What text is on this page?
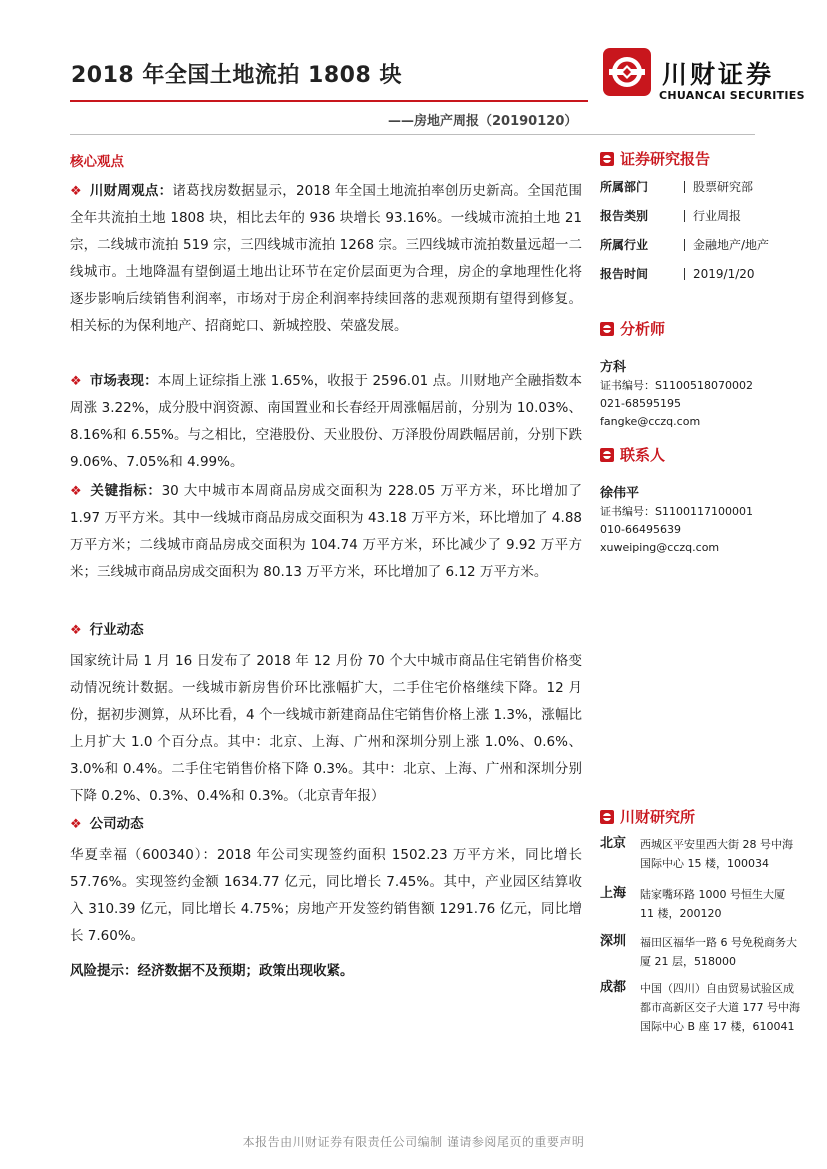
2018 年全国土地流拍 1808 块
——房地产周报（20190120）
川财证券
CHUANCAI SECURITIES
核心观点
❖ 川财周观点：诸葛找房数据显示，2018 年全国土地流拍率创历史新高。全国范围全年共流拍土地 1808 块，相比去年的 936 块增长 93.16%。一线城市流拍土地 21 宗，二线城市流拍 519 宗，三四线城市流拍 1268 宗。三四线城市流拍数量远超一二线城市。土地降温有望倒逼土地出让环节在定价层面更为合理，房企的拿地理性化将逐步影响后续销售利润率，市场对于房企利润率持续回落的悲观预期有望得到修复。相关标的为保利地产、招商蛇口、新城控股、荣盛发展。
❖ 市场表现：本周上证综指上涨 1.65%，收报于 2596.01 点。川财地产全融指数本周涨 3.22%，成分股中润资源、南国置业和长春经开周涨幅居前，分别为 10.03%、8.16%和 6.55%。与之相比，空港股份、天业股份、万泽股份周跌幅居前，分别下跌 9.06%、7.05%和 4.99%。
❖ 关键指标：30 大中城市本周商品房成交面积为 228.05 万平方米，环比增加了 1.97 万平方米。其中一线城市商品房成交面积为 43.18 万平方米，环比增加了 4.88 万平方米；二线城市商品房成交面积为 104.74 万平方米，环比减少了 9.92 万平方米；三线城市商品房成交面积为 80.13 万平方米，环比增加了 6.12 万平方米。
❖ 行业动态
国家统计局 1 月 16 日发布了 2018 年 12 月份 70 个大中城市商品住宅销售价格变动情况统计数据。一线城市新房售价环比涨幅扩大，二手住宅价格继续下降。12 月份，据初步测算，从环比看，4 个一线城市新建商品住宅销售价格上涨 1.3%，涨幅比上月扩大 1.0 个百分点。其中：北京、上海、广州和深圳分别上涨 1.0%、0.6%、3.0%和 0.4%。二手住宅销售价格下降 0.3%。其中：北京、上海、广州和深圳分别下降 0.2%、0.3%、0.4%和 0.3%。（北京青年报）
❖ 公司动态
华夏幸福（600340）：2018 年公司实现签约面积 1502.23 万平方米，同比增长 57.76%。实现签约金额 1634.77 亿元，同比增长 7.45%。其中，产业园区结算收入 310.39 亿元，同比增长 4.75%；房地产开发签约销售额 1291.76 亿元，同比增长 7.60%。
风险提示：经济数据不及预期；政策出现收紧。
证券研究报告
所属部门	股票研究部
报告类别	行业周报
所属行业	金融地产/地产
报告时间	2019/1/20
分析师
方科
证书编号：S1100518070002
021-68595195
fangke@cczq.com
联系人
徐伟平
证书编号：S1100117100001
010-66495639
xuweiping@cczq.com
川财研究所
北京	西城区平安里西大街 28 号中海国际中心 15 楼，100034
上海	陆家嘴环路 1000 号恒生大厦 11 楼，200120
深圳	福田区福华一路 6 号免税商务大厦 21 层，518000
成都	中国（四川）自由贸易试验区成都市高新区交子大道 177 号中海国际中心 B 座 17 楼，610041
本报告由川财证券有限责任公司编制 谨请参阅尾页的重要声明
